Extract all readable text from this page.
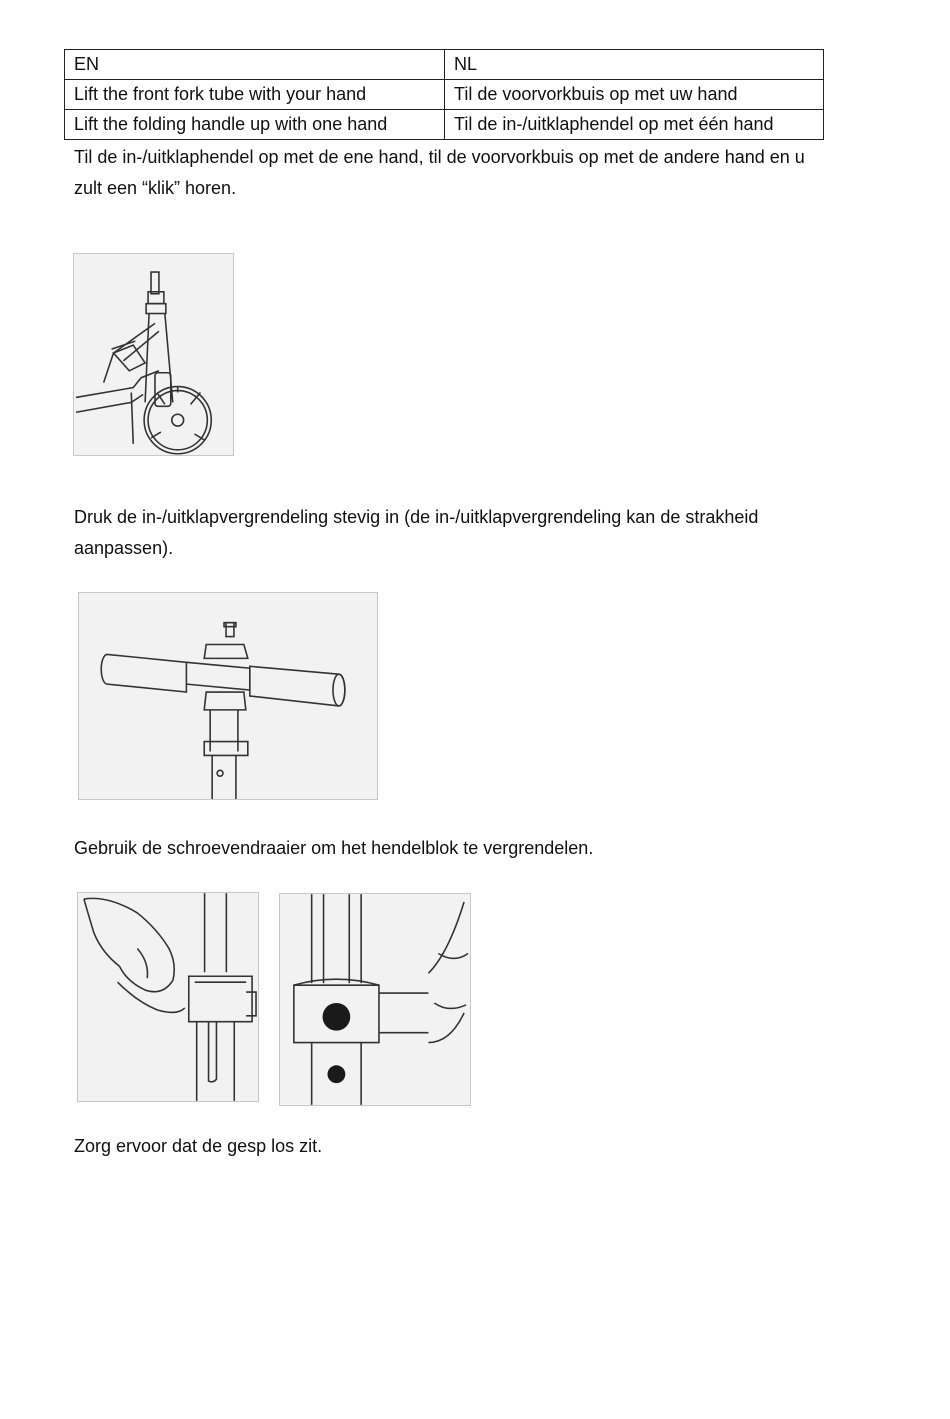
EN	NL
Lift the front fork tube with your hand	Til de voorvorkbuis op met uw hand
Lift the folding handle up with one hand	Til de in-/uitklaphendel op met één hand

Til de in-/uitklaphendel op met de ene hand, til de voorvorkbuis op met de andere hand en u zult een “klik” horen.

Druk de in-/uitklapvergrendeling stevig in (de in-/uitklapvergrendeling kan de strakheid aanpassen).

Gebruik de schroevendraaier om het hendelblok te vergrendelen.

Zorg ervoor dat de gesp los zit.
